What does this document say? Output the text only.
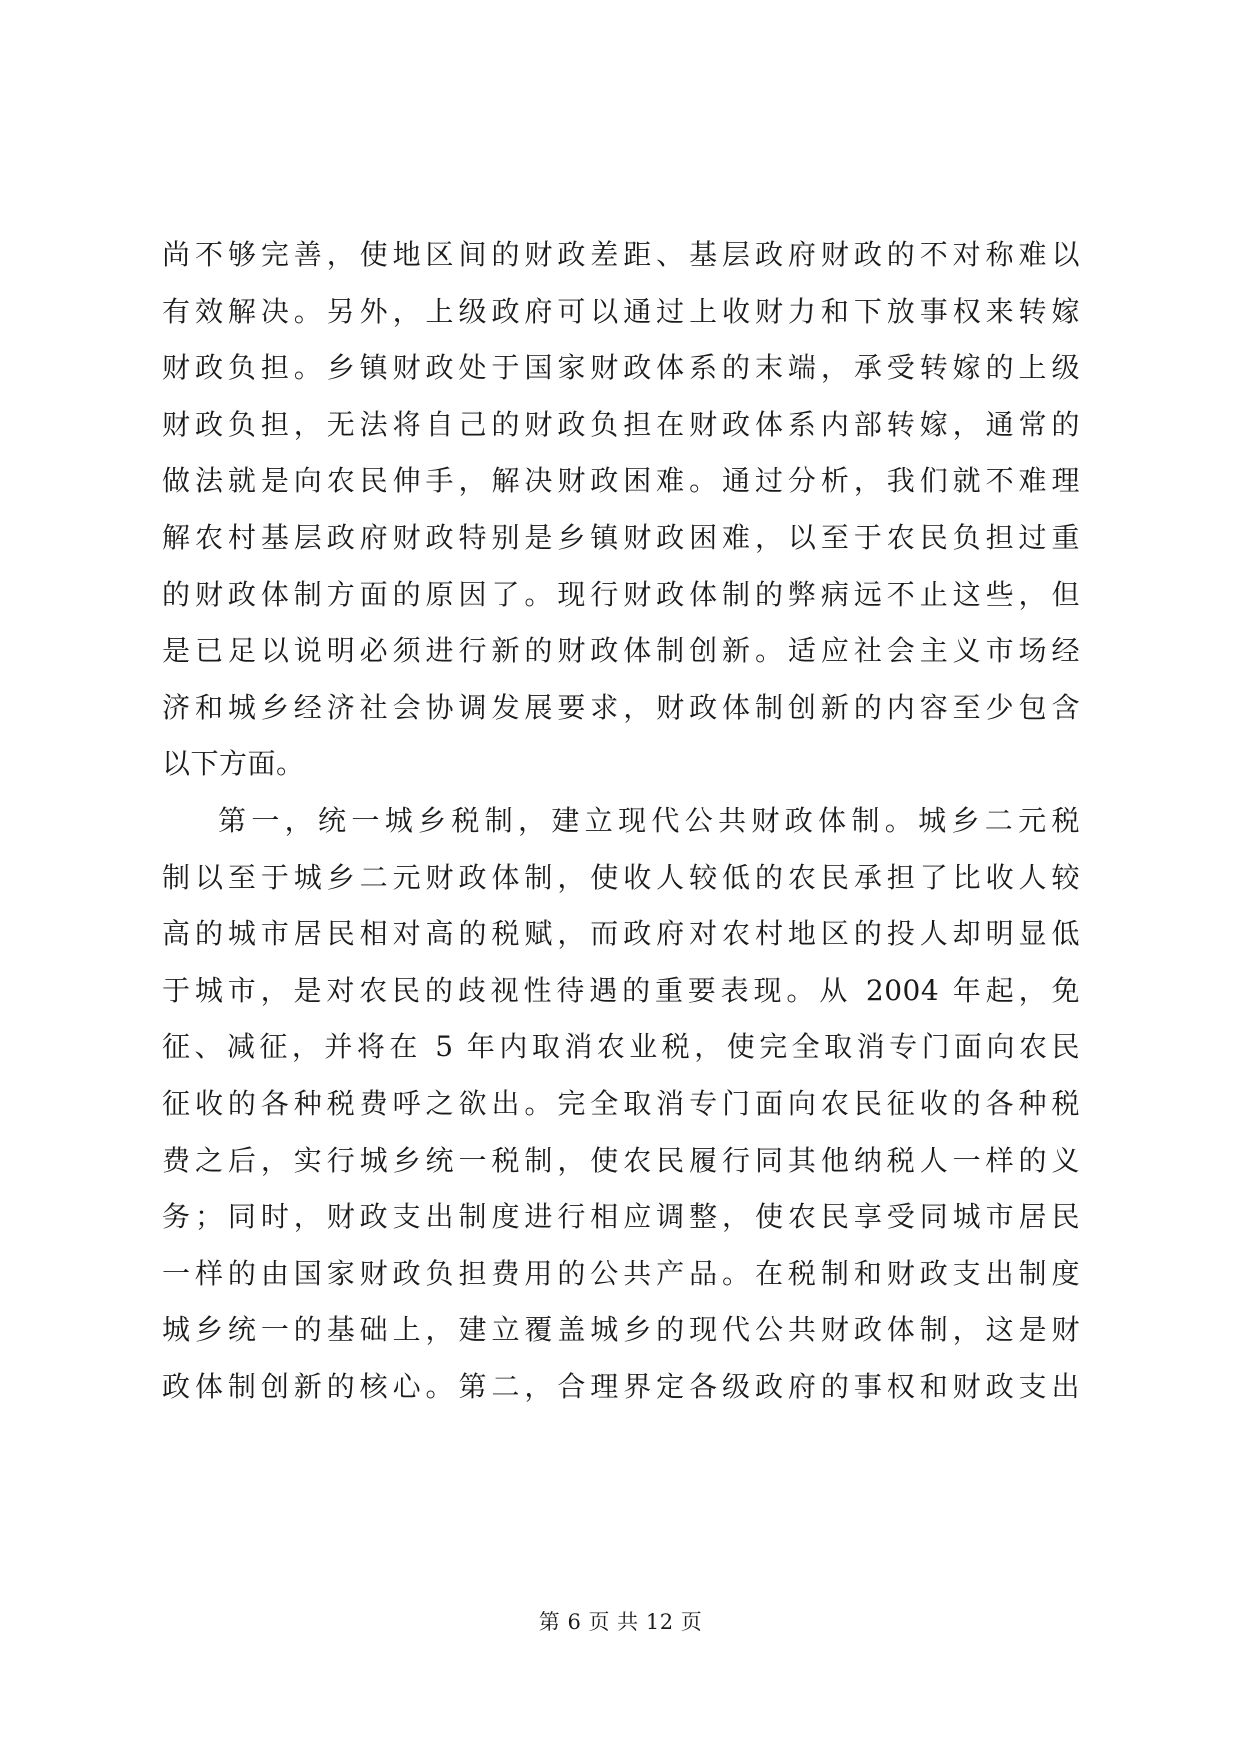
尚不够完善，使地区间的财政差距、基层政府财政的不对称难以
有效解决。另外，上级政府可以通过上收财力和下放事权来转嫁
财政负担。乡镇财政处于国家财政体系的末端，承受转嫁的上级
财政负担，无法将自己的财政负担在财政体系内部转嫁，通常的
做法就是向农民伸手，解决财政困难。通过分析，我们就不难理
解农村基层政府财政特别是乡镇财政困难，以至于农民负担过重
的财政体制方面的原因了。现行财政体制的弊病远不止这些，但
是已足以说明必须进行新的财政体制创新。适应社会主义市场经
济和城乡经济社会协调发展要求，财政体制创新的内容至少包含
以下方面。
第一，统一城乡税制，建立现代公共财政体制。城乡二元税
制以至于城乡二元财政体制，使收人较低的农民承担了比收人较
高的城市居民相对高的税赋，而政府对农村地区的投人却明显低
于城市，是对农民的歧视性待遇的重要表现。从 2004 年起，免
征、减征，并将在 5 年内取消农业税，使完全取消专门面向农民
征收的各种税费呼之欲出。完全取消专门面向农民征收的各种税
费之后，实行城乡统一税制，使农民履行同其他纳税人一样的义
务；同时，财政支出制度进行相应调整，使农民享受同城市居民
一样的由国家财政负担费用的公共产品。在税制和财政支出制度
城乡统一的基础上，建立覆盖城乡的现代公共财政体制，这是财
政体制创新的核心。第二，合理界定各级政府的事权和财政支出
第 6 页 共 12 页
